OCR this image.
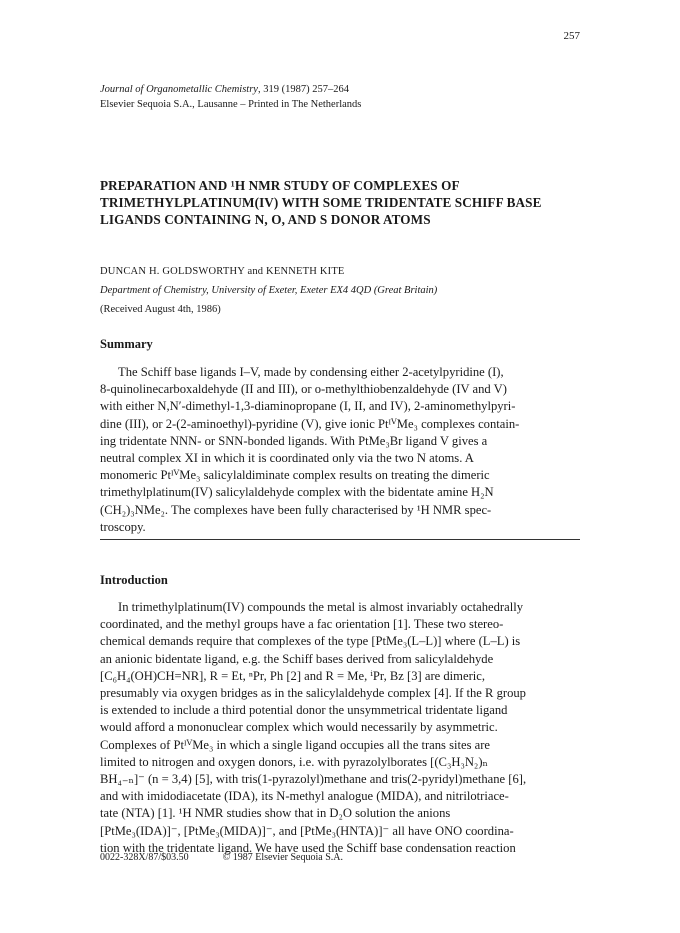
257
Journal of Organometallic Chemistry, 319 (1987) 257–264
Elsevier Sequoia S.A., Lausanne – Printed in The Netherlands
PREPARATION AND ¹H NMR STUDY OF COMPLEXES OF
TRIMETHYLPLATINUM(IV) WITH SOME TRIDENTATE SCHIFF BASE
LIGANDS CONTAINING N, O, AND S DONOR ATOMS
DUNCAN H. GOLDSWORTHY and KENNETH KITE
Department of Chemistry, University of Exeter, Exeter EX4 4QD (Great Britain)
(Received August 4th, 1986)
Summary
The Schiff base ligands I–V, made by condensing either 2-acetylpyridine (I),
8-quinolinecarboxaldehyde (II and III), or o-methylthiobenzaldehyde (IV and V)
with either N,N′-dimethyl-1,3-diaminopropane (I, II, and IV), 2-aminomethylpyri-
dine (III), or 2-(2-aminoethyl)-pyridine (V), give ionic PtᴵⱽMe₃ complexes contain-
ing tridentate NNN- or SNN-bonded ligands. With PtMe₃Br ligand V gives a
neutral complex XI in which it is coordinated only via the two N atoms. A
monomeric PtᴵⱽMe₃ salicylaldiminate complex results on treating the dimeric
trimethylplatinum(IV) salicylaldehyde complex with the bidentate amine H₂N
(CH₂)₃NMe₂. The complexes have been fully characterised by ¹H NMR spec-
troscopy.
Introduction
In trimethylplatinum(IV) compounds the metal is almost invariably octahedrally
coordinated, and the methyl groups have a fac orientation [1]. These two stereo-
chemical demands require that complexes of the type [PtMe₃(L–L)] where (L–L) is
an anionic bidentate ligand, e.g. the Schiff bases derived from salicylaldehyde
[C₆H₄(OH)CH=NR], R = Et, ⁿPr, Ph [2] and R = Me, ⁱPr, Bz [3] are dimeric,
presumably via oxygen bridges as in the salicylaldehyde complex [4]. If the R group
is extended to include a third potential donor the unsymmetrical tridentate ligand
would afford a mononuclear complex which would necessarily by asymmetric.
Complexes of PtᴵⱽMe₃ in which a single ligand occupies all the trans sites are
limited to nitrogen and oxygen donors, i.e. with pyrazolylborates [(C₃H₃N₂)ₙ
BH₄₋ₙ]⁻ (n = 3,4) [5], with tris(1-pyrazolyl)methane and tris(2-pyridyl)methane [6],
and with imidodiacetate (IDA), its N-methyl analogue (MIDA), and nitrilotriace-
tate (NTA) [1]. ¹H NMR studies show that in D₂O solution the anions
[PtMe₃(IDA)]⁻, [PtMe₃(MIDA)]⁻, and [PtMe₃(HNTA)]⁻ all have ONO coordina-
tion with the tridentate ligand. We have used the Schiff base condensation reaction
0022-328X/87/$03.50	© 1987 Elsevier Sequoia S.A.
